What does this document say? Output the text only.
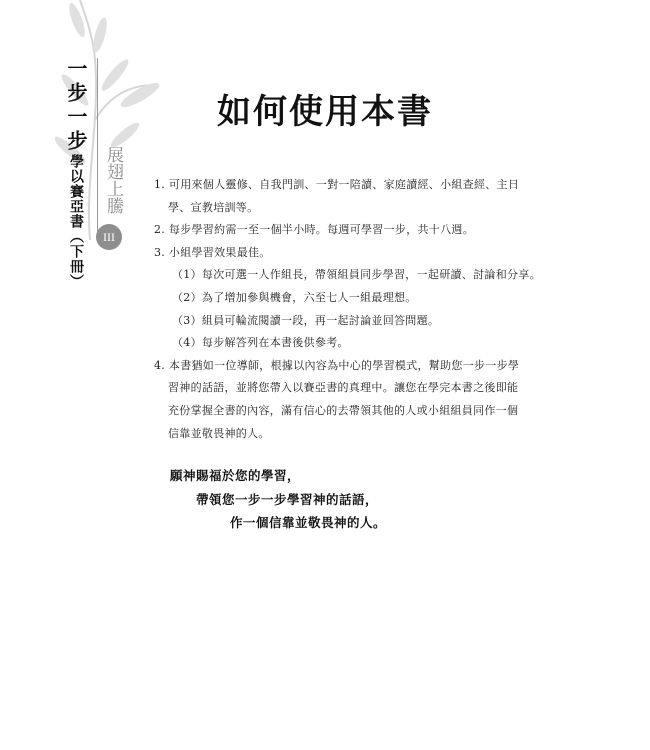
一步一步學以賽亞書（下冊） 展翅上騰
III
如何使用本書

1. 可用來個人靈修、自我門訓、一對一陪讀、家庭讀經、小組查經、主日學、宣教培訓等。

2. 每步學習約需一至一個半小時。每週可學習一步，共十八週。

3. 小組學習效果最佳。

（1）每次可選一人作組長，帶領組員同步學習，一起研讀、討論和分享。

（2）為了增加參與機會，六至七人一組最理想。

（3）組員可輪流閱讀一段，再一起討論並回答問題。

（4）每步解答列在本書後供參考。

4. 本書猶如一位導師，根據以內容為中心的學習模式，幫助您一步一步學習神的話語，並將您帶入以賽亞書的真理中。讓您在學完本書之後即能充份掌握全書的內容，滿有信心的去帶領其他的人或小組組員同作一個信靠並敬畏神的人。

願神賜福於您的學習，
帶領您一步一步學習神的話語，
作一個信靠並敬畏神的人。
